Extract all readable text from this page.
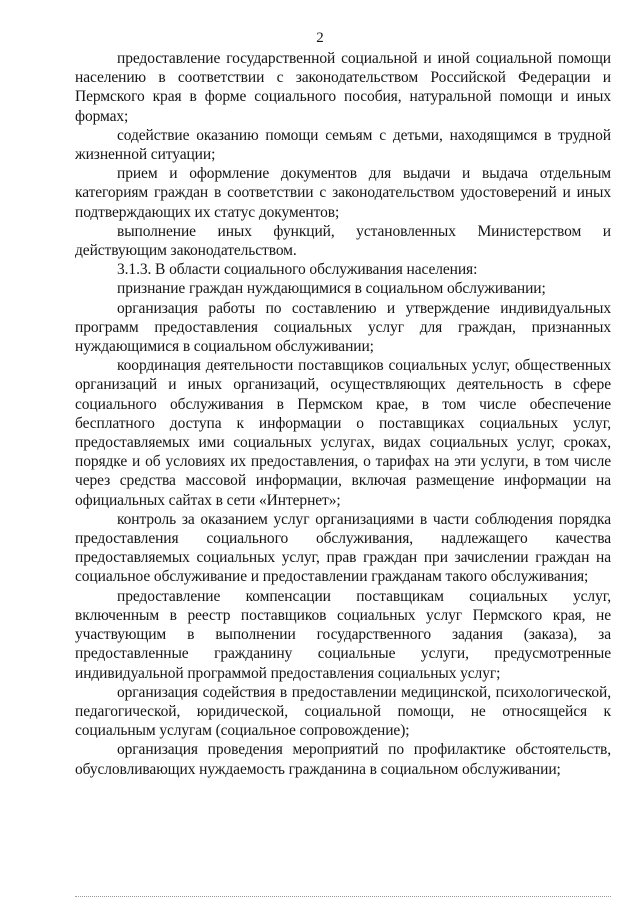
2

предоставление государственной социальной и иной социальной помощи населению в соответствии с законодательством Российской Федерации и Пермского края в форме социального пособия, натуральной помощи и иных формах;

содействие оказанию помощи семьям с детьми, находящимся в трудной жизненной ситуации;

прием и оформление документов для выдачи и выдача отдельным категориям граждан в соответствии с законодательством удостоверений и иных подтверждающих их статус документов;

выполнение иных функций, установленных Министерством и действующим законодательством.

3.1.3. В области социального обслуживания населения:

признание граждан нуждающимися в социальном обслуживании;

организация работы по составлению и утверждение индивидуальных программ предоставления социальных услуг для граждан, признанных нуждающимися в социальном обслуживании;

координация деятельности поставщиков социальных услуг, общественных организаций и иных организаций, осуществляющих деятельность в сфере социального обслуживания в Пермском крае, в том числе обеспечение бесплатного доступа к информации о поставщиках социальных услуг, предоставляемых ими социальных услугах, видах социальных услуг, сроках, порядке и об условиях их предоставления, о тарифах на эти услуги, в том числе через средства массовой информации, включая размещение информации на официальных сайтах в сети «Интернет»;

контроль за оказанием услуг организациями в части соблюдения порядка предоставления социального обслуживания, надлежащего качества предоставляемых социальных услуг, прав граждан при зачислении граждан на социальное обслуживание и предоставлении гражданам такого обслуживания;

предоставление компенсации поставщикам социальных услуг, включенным в реестр поставщиков социальных услуг Пермского края, не участвующим в выполнении государственного задания (заказа), за предоставленные гражданину социальные услуги, предусмотренные индивидуальной программой предоставления социальных услуг;

организация содействия в предоставлении медицинской, психологической, педагогической, юридической, социальной помощи, не относящейся к социальным услугам (социальное сопровождение);

организация проведения мероприятий по профилактике обстоятельств, обусловливающих нуждаемость гражданина в социальном обслуживании;
